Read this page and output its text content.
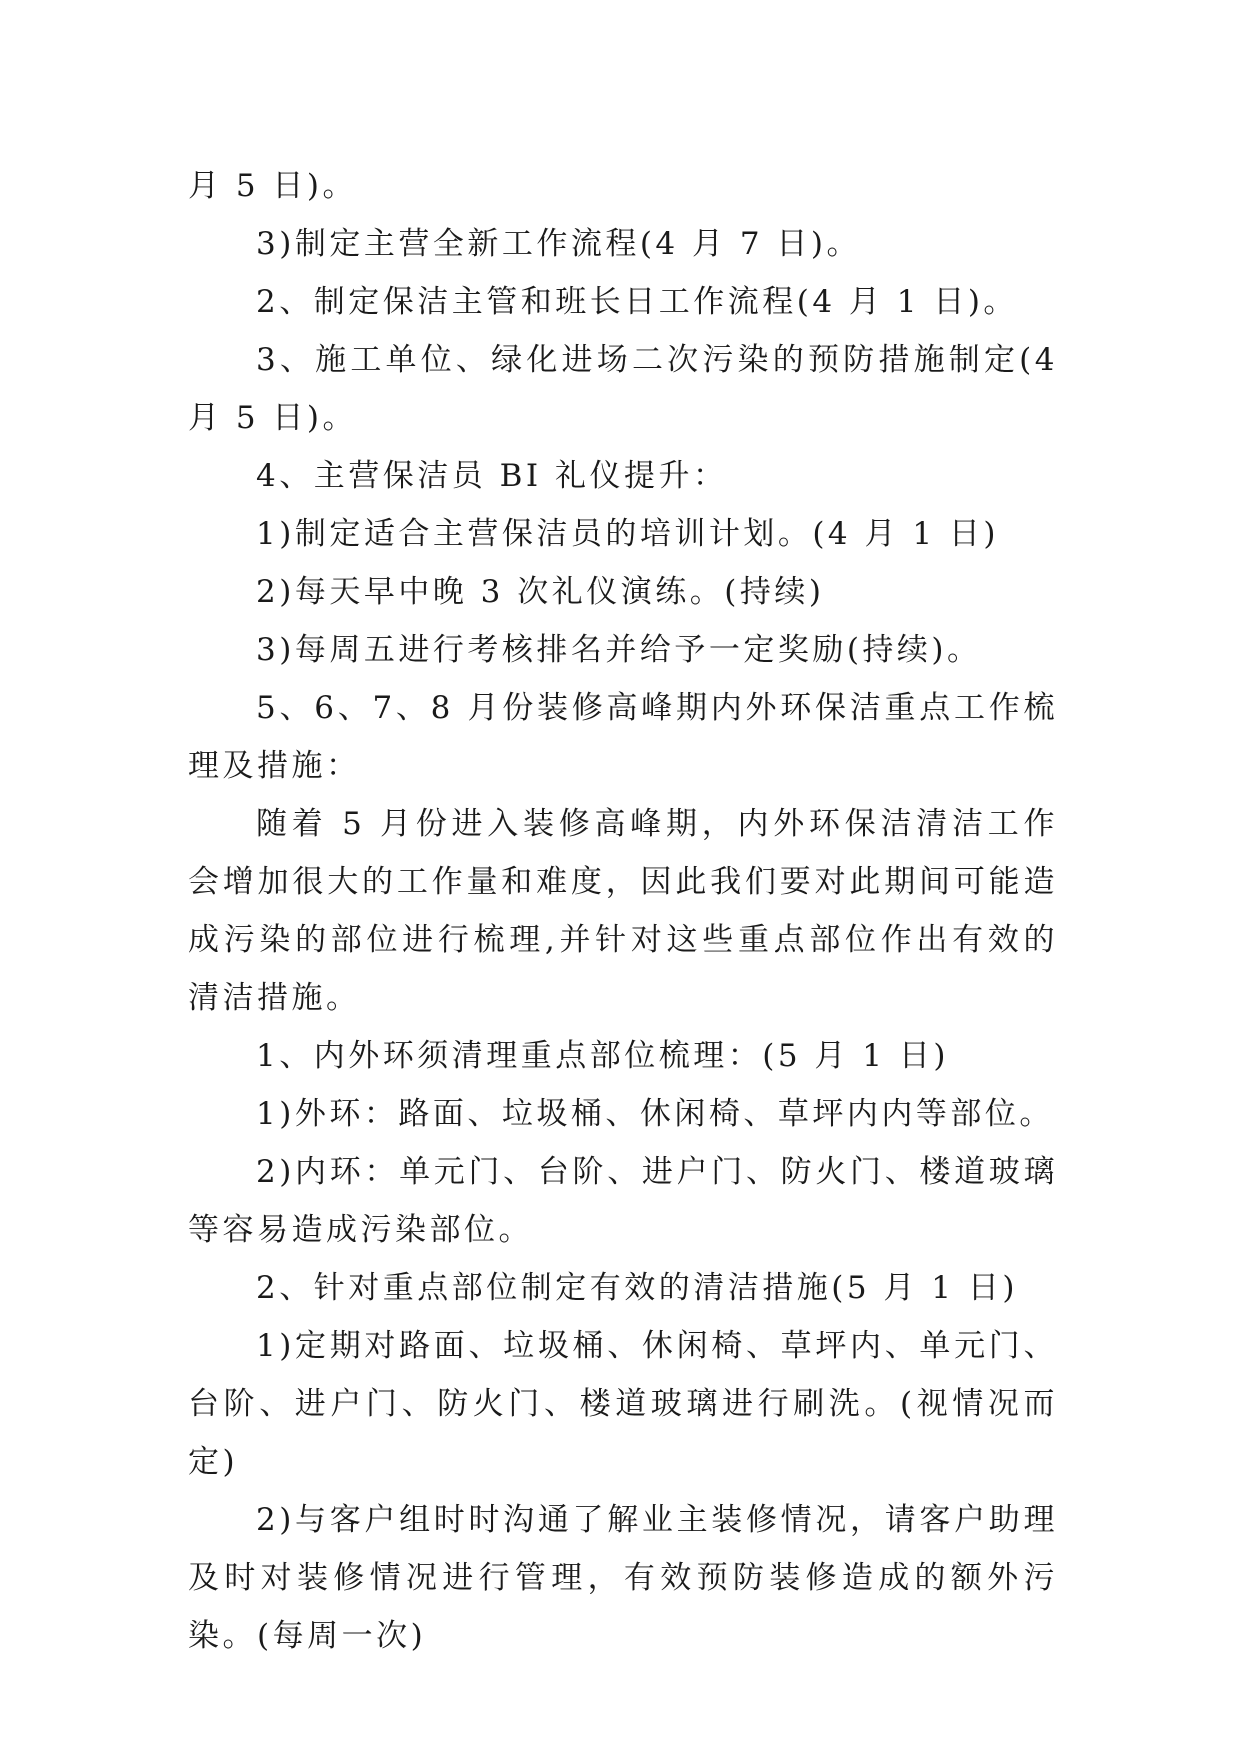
月 5 日)。

3)制定主营全新工作流程(4 月 7 日)。

2、制定保洁主管和班长日工作流程(4 月 1 日)。

3、施工单位、绿化进场二次污染的预防措施制定(4 月 5 日)。

4、主营保洁员 BI 礼仪提升：

1)制定适合主营保洁员的培训计划。(4 月 1 日)

2)每天早中晚 3 次礼仪演练。(持续)

3)每周五进行考核排名并给予一定奖励(持续)。

5、6、7、8 月份装修高峰期内外环保洁重点工作梳理及措施：

随着 5 月份进入装修高峰期，内外环保洁清洁工作会增加很大的工作量和难度，因此我们要对此期间可能造成污染的部位进行梳理,并针对这些重点部位作出有效的清洁措施。

1、内外环须清理重点部位梳理：(5 月 1 日)

1)外环：路面、垃圾桶、休闲椅、草坪内内等部位。

2)内环：单元门、台阶、进户门、防火门、楼道玻璃等容易造成污染部位。

2、针对重点部位制定有效的清洁措施(5 月 1 日)

1)定期对路面、垃圾桶、休闲椅、草坪内、单元门、台阶、进户门、防火门、楼道玻璃进行刷洗。(视情况而定)

2)与客户组时时沟通了解业主装修情况，请客户助理及时对装修情况进行管理，有效预防装修造成的额外污染。(每周一次)
